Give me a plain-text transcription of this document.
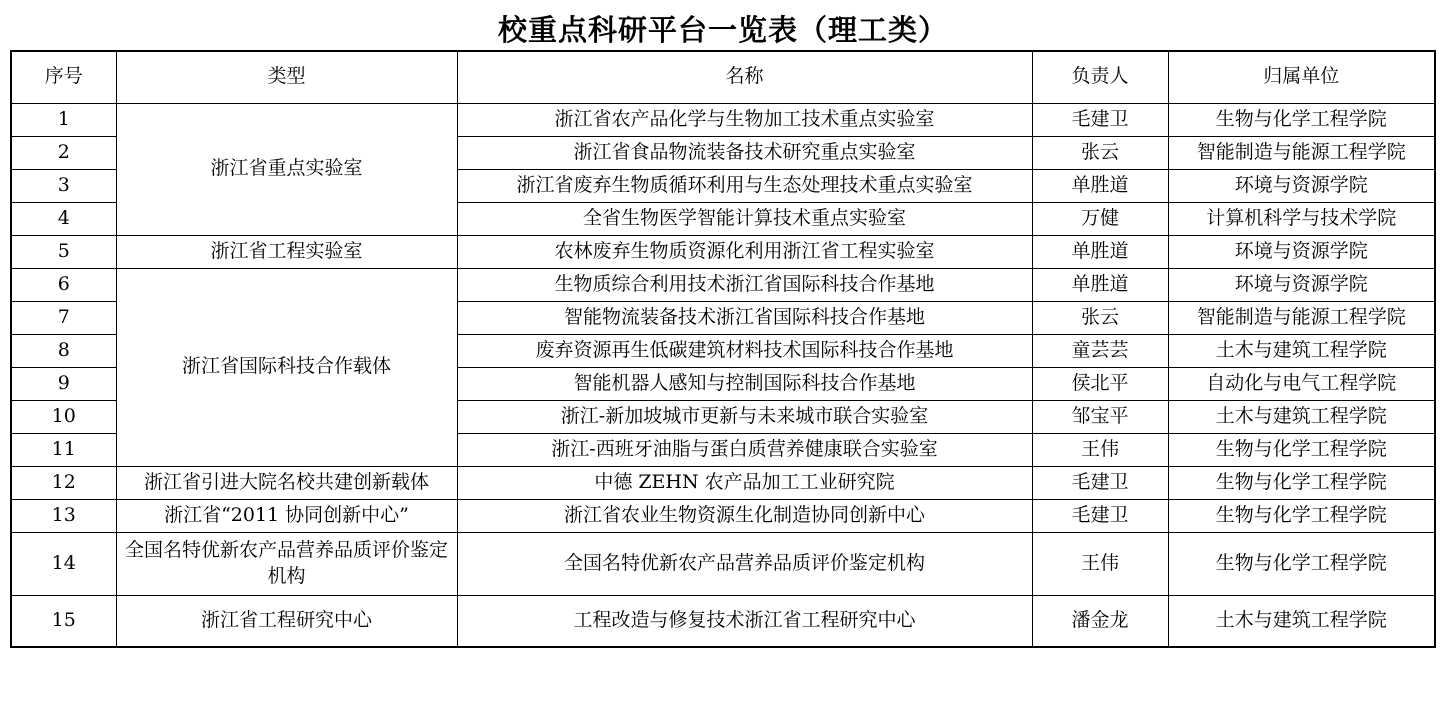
校重点科研平台一览表（理工类）
序号	类型	名称	负责人	归属单位
1	浙江省重点实验室	浙江省农产品化学与生物加工技术重点实验室	毛建卫	生物与化学工程学院
2		浙江省食品物流装备技术研究重点实验室	张云	智能制造与能源工程学院
3		浙江省废弃生物质循环利用与生态处理技术重点实验室	单胜道	环境与资源学院
4		全省生物医学智能计算技术重点实验室	万健	计算机科学与技术学院
5	浙江省工程实验室	农林废弃生物质资源化利用浙江省工程实验室	单胜道	环境与资源学院
6	浙江省国际科技合作载体	生物质综合利用技术浙江省国际科技合作基地	单胜道	环境与资源学院
7		智能物流装备技术浙江省国际科技合作基地	张云	智能制造与能源工程学院
8		废弃资源再生低碳建筑材料技术国际科技合作基地	童芸芸	土木与建筑工程学院
9		智能机器人感知与控制国际科技合作基地	侯北平	自动化与电气工程学院
10		浙江-新加坡城市更新与未来城市联合实验室	邹宝平	土木与建筑工程学院
11		浙江-西班牙油脂与蛋白质营养健康联合实验室	王伟	生物与化学工程学院
12	浙江省引进大院名校共建创新载体	中德 ZEHN 农产品加工工业研究院	毛建卫	生物与化学工程学院
13	浙江省“2011 协同创新中心”	浙江省农业生物资源生化制造协同创新中心	毛建卫	生物与化学工程学院
14	全国名特优新农产品营养品质评价鉴定机构	全国名特优新农产品营养品质评价鉴定机构	王伟	生物与化学工程学院
15	浙江省工程研究中心	工程改造与修复技术浙江省工程研究中心	潘金龙	土木与建筑工程学院
